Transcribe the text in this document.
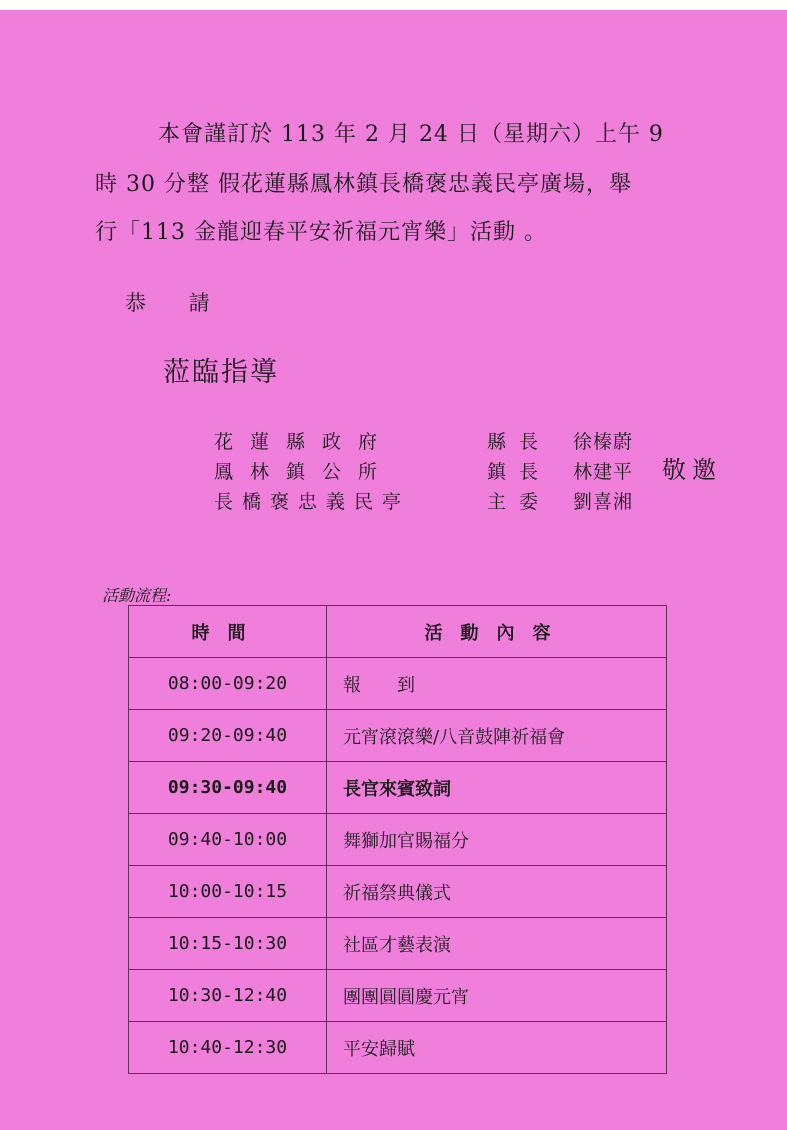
本會謹訂於 113 年 2 月 24 日（星期六）上午 9
時 30 分整 假花蓮縣鳳林鎮長橋褒忠義民亭廣場，舉
行「113 金龍迎春平安祈福元宵樂」活動 。
恭 請
蒞臨指導
花蓮縣政府	縣長 徐榛蔚
鳳林鎮公所	鎮長 林建平
長橋褒忠義民亭	主委 劉喜湘
敬邀
活動流程:
時間	活動內容
08:00-09:20	報　　到
09:20-09:40	元宵滾滾樂/八音鼓陣祈福會
09:30-09:40	長官來賓致詞
09:40-10:00	舞獅加官賜福分
10:00-10:15	祈福祭典儀式
10:15-10:30	社區才藝表演
10:30-12:40	團團圓圓慶元宵
10:40-12:30	平安歸賦
